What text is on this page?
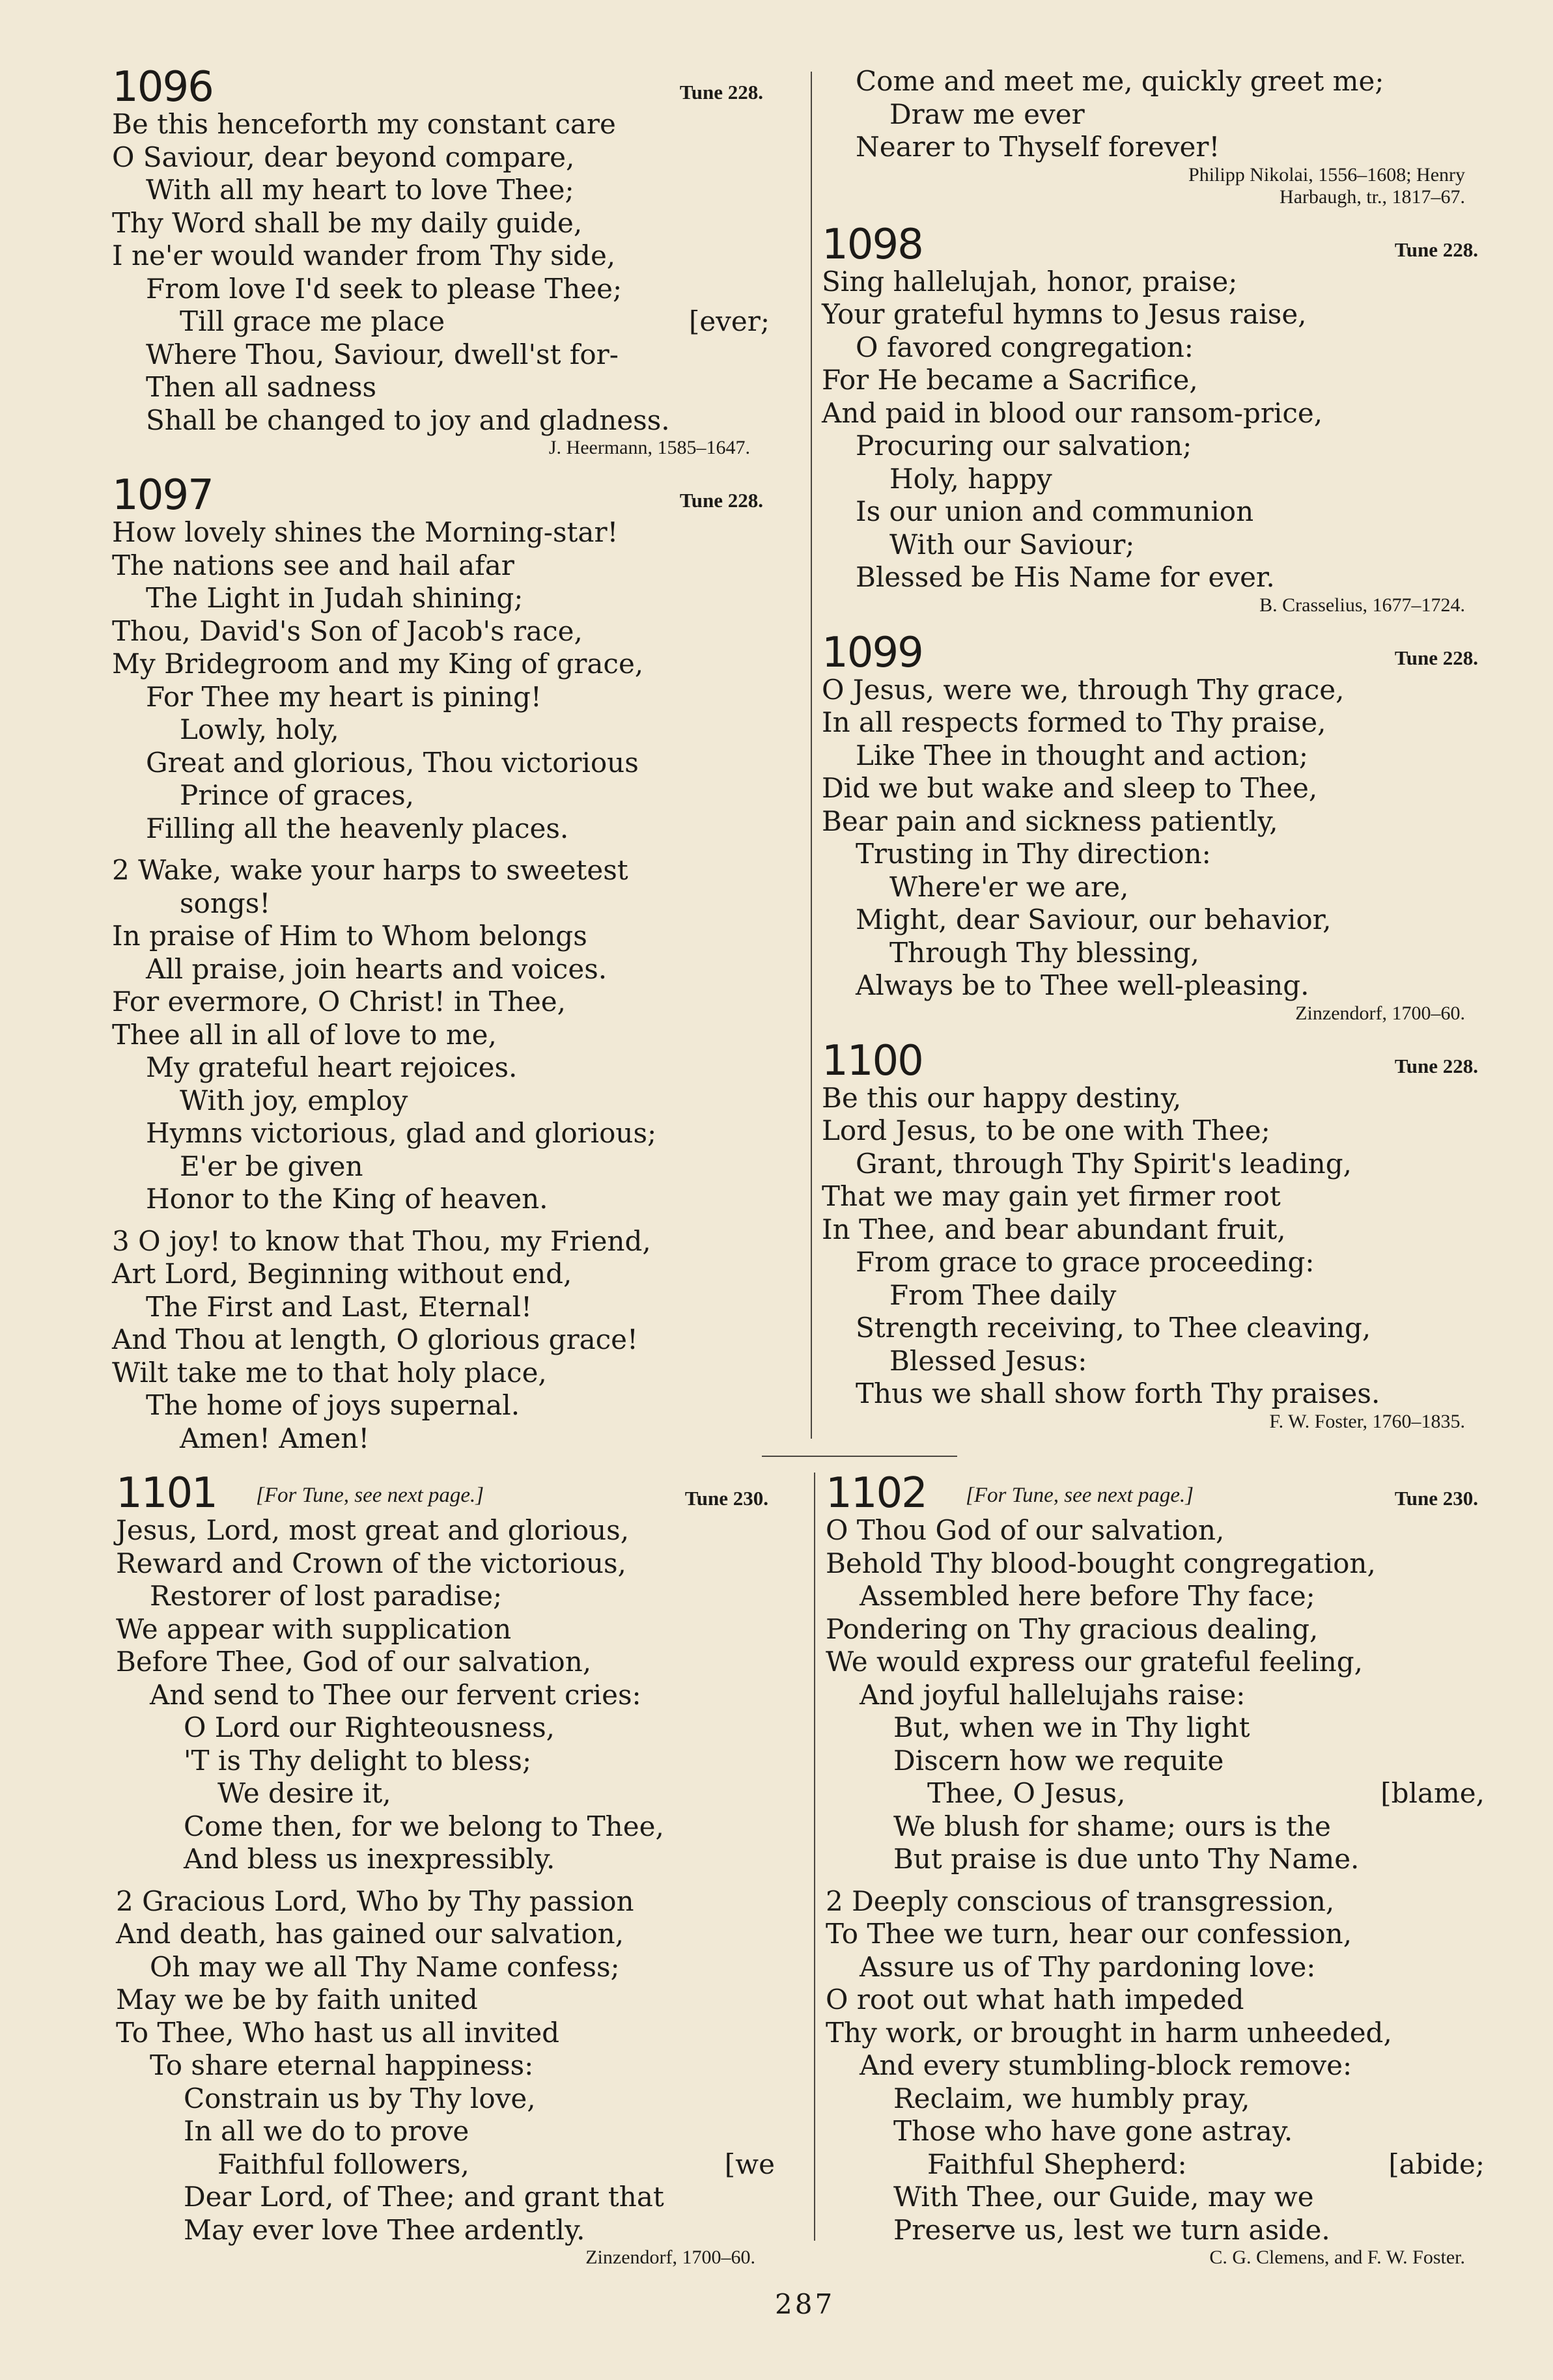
1096	Tune 228.
Be this henceforth my constant care
O Saviour, dear beyond compare,
With all my heart to love Thee;
Thy Word shall be my daily guide,
I ne'er would wander from Thy side,
From love I'd seek to please Thee;
Till grace me place	[ever;
Where Thou, Saviour, dwell'st for-
Then all sadness
Shall be changed to joy and gladness.
J. Heermann, 1585–1647.
1097	Tune 228.
How lovely shines the Morning-star!
The nations see and hail afar
The Light in Judah shining;
Thou, David's Son of Jacob's race,
My Bridegroom and my King of grace,
For Thee my heart is pining!
Lowly, holy,
Great and glorious, Thou victorious
Prince of graces,
Filling all the heavenly places.
2 Wake, wake your harps to sweetest
songs!
In praise of Him to Whom belongs
All praise, join hearts and voices.
For evermore, O Christ! in Thee,
Thee all in all of love to me,
My grateful heart rejoices.
With joy, employ
Hymns victorious, glad and glorious;
E'er be given
Honor to the King of heaven.
3 O joy! to know that Thou, my Friend,
Art Lord, Beginning without end,
The First and Last, Eternal!
And Thou at length, O glorious grace!
Wilt take me to that holy place,
The home of joys supernal.
Amen! Amen!
Come and meet me, quickly greet me;
Draw me ever
Nearer to Thyself forever!
Philipp Nikolai, 1556–1608; Henry
Harbaugh, tr., 1817–67.
1098	Tune 228.
Sing hallelujah, honor, praise;
Your grateful hymns to Jesus raise,
O favored congregation:
For He became a Sacrifice,
And paid in blood our ransom-price,
Procuring our salvation;
Holy, happy
Is our union and communion
With our Saviour;
Blessed be His Name for ever.
B. Crasselius, 1677–1724.
1099	Tune 228.
O Jesus, were we, through Thy grace,
In all respects formed to Thy praise,
Like Thee in thought and action;
Did we but wake and sleep to Thee,
Bear pain and sickness patiently,
Trusting in Thy direction:
Where'er we are,
Might, dear Saviour, our behavior,
Through Thy blessing,
Always be to Thee well-pleasing.
Zinzendorf, 1700–60.
1100	Tune 228.
Be this our happy destiny,
Lord Jesus, to be one with Thee;
Grant, through Thy Spirit's leading,
That we may gain yet firmer root
In Thee, and bear abundant fruit,
From grace to grace proceeding:
From Thee daily
Strength receiving, to Thee cleaving,
Blessed Jesus:
Thus we shall show forth Thy praises.
F. W. Foster, 1760–1835.
1101 [For Tune, see next page.]	Tune 230.
Jesus, Lord, most great and glorious,
Reward and Crown of the victorious,
Restorer of lost paradise;
We appear with supplication
Before Thee, God of our salvation,
And send to Thee our fervent cries:
O Lord our Righteousness,
'T is Thy delight to bless;
We desire it,
Come then, for we belong to Thee,
And bless us inexpressibly.
2 Gracious Lord, Who by Thy passion
And death, has gained our salvation,
Oh may we all Thy Name confess;
May we be by faith united
To Thee, Who hast us all invited
To share eternal happiness:
Constrain us by Thy love,
In all we do to prove
Faithful followers,	[we
Dear Lord, of Thee; and grant that
May ever love Thee ardently.
Zinzendorf, 1700–60.
1102 [For Tune, see next page.]	Tune 230.
O Thou God of our salvation,
Behold Thy blood-bought congregation,
Assembled here before Thy face;
Pondering on Thy gracious dealing,
We would express our grateful feeling,
And joyful hallelujahs raise:
But, when we in Thy light
Discern how we requite
Thee, O Jesus,	[blame,
We blush for shame; ours is the
But praise is due unto Thy Name.
2 Deeply conscious of transgression,
To Thee we turn, hear our confession,
Assure us of Thy pardoning love:
O root out what hath impeded
Thy work, or brought in harm unheeded,
And every stumbling-block remove:
Reclaim, we humbly pray,
Those who have gone astray.
Faithful Shepherd:	[abide;
With Thee, our Guide, may we
Preserve us, lest we turn aside.
C. G. Clemens, and F. W. Foster.
287
